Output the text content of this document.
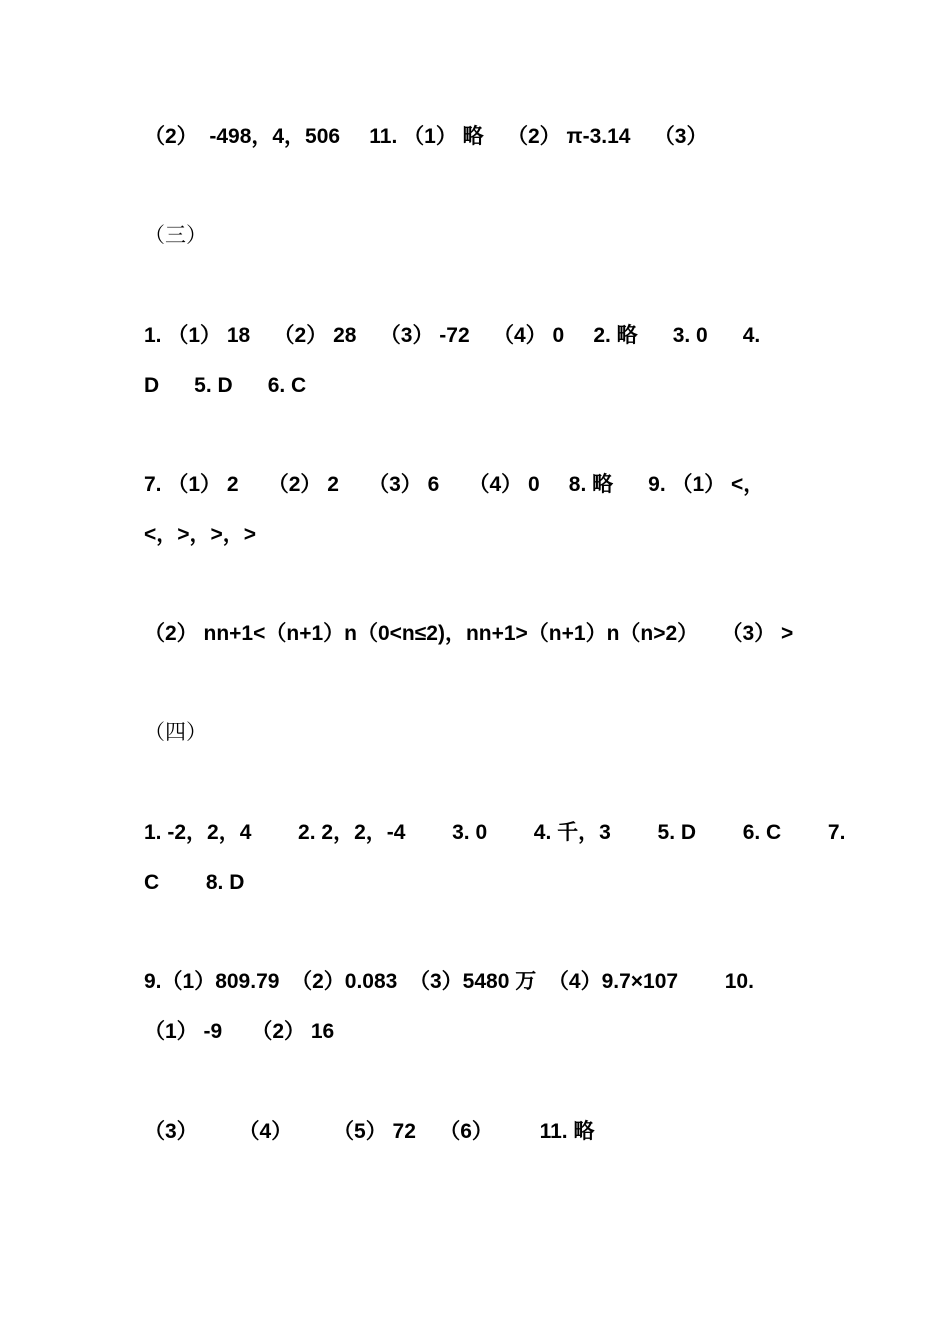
（2）  -498，4，506     11. （1） 略    （2） π-3.14    （3）
（三）
1. （1） 18    （2） 28    （3） -72    （4） 0     2. 略      3. 0      4.
D      5. D      6. C
7. （1） 2     （2） 2     （3） 6     （4） 0     8. 略      9. （1） <，
<，>，>，>
（2） nn+1<（n+1）n（0<n≤2)，nn+1>（n+1）n（n>2）    （3） >
（四）
1. -2，2，4        2. 2，2，-4        3. 0        4. 千，3        5. D        6. C        7.
C        8. D
9.（1）809.79  （2）0.083  （3）5480 万  （4）9.7×107        10.
（1） -9     （2） 16
（3）       （4）       （5） 72    （6）        11. 略
